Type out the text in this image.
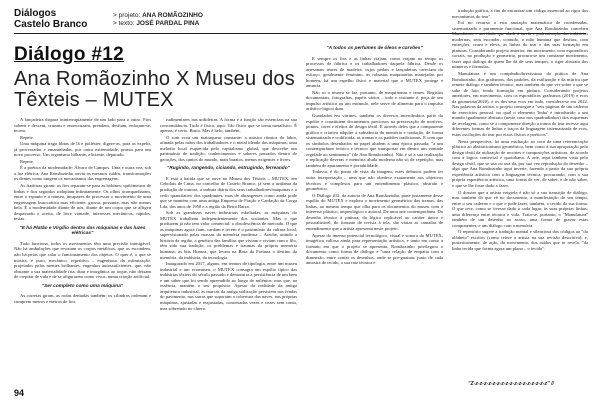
Diálogos
Castelo Branco
> projeto: ANA ROMÃOZINHO
> texto: JOSÉ PARDAL PINA
Diálogo #12
Ana Romãozinho X Museu dos Têxteis – MUTEX

A lançadeira dispara ininterruptamente de um lado para o outro. Fios sobem e descem, cruzam e entrecruzam, prendem, desfiam, enlaçam-se, tecem.

Repete.

Uma máquina traga fibras de lã e poliéster, digere-as, para as expelir, já processadas e emaranhadas, por outra extremidade, pronta para um novo processo. Um organismo bilhante, eficiente, depurado.

Repete.

É a poética da modernidade: Álvaro de Campos. Uma e outra vez, sob a luz elétrica, Ana Romãozinho ouviu os mesmos ruídos, transformações os dentes como rangem os mecanismos das engrenagens.

As fiadeiras giram; os fios reparam-se para as bobines; quilómetros de linhas e fios seguidos rodopiam infinitamente. Os olhos acompanharam, entre o espanto e a náusea, incapazes de processar o movimento de uma engrenagem burocrática mas eficiente, grossa, possante, mas não menos bela. É a modernidade diante de nós, diante de um corpo que se afligeu despassado e aceita, de livre vontade, interesses mecânicos, rápidos, testas.

"E há Platão e Virgílio dentro das máquinas e das luzes elétricas"

Tudo funciona, todos os movimentos têm uma precisão inimigável. Não há ambulações que revistam os corpos metálicos, que os escondem, não há peias que calar o funcionamento dos objetos. O quer é, o que se mostra, é puro, mecânico, repetitivo – engenhoso da ostimização, projetados pelas mentes brilhantes, engenhos autossuficientes, que, não obstante a sua materialidade fria, dura e inorgânica ao toque, não deixam de crepitar de vida e de se afigurarem como vivos, numa criação artificial.

"Ser completo como uma máquina"

As correias giram, as rodas dentadas também; os cilindros ordenam e cumprem metros e metros de fios

rudimentares nas urdideiras. A forma e a função são essenciais na sua concomitância. Tudo é físico, aqui. Tão físico que se torna metafísico. É apenas, é certo. Bruto. Mas é belo, também.

O som ecoa um matraquear constante: a música rítmica do labor, afinada pelas mãos dos trabalhadores e o metal ideado das máquinas; uma melodia local esquecida pelo capitalismo global, que descrebe um património de tradição, conhecimentos e saberes passados dentro de gerações, dos cantos do mundo, mais baratos, menos exigentes e livres.

"Rugindo, rangendo, ciciando, estrugindo, ferreando"

E está a batida que se ouve no Museu dos Têxteis – MUTEX, em Cebolais de Cima, no concelho de Castelo Branco, já sem a azáfama da produção de outrora, a tarbuta diária dos seus trabalhadores/máquinas e o cedo quantitativo dos quadrantes, mas de abrangentes como ainda pode que se mantém com uma antiga Empresa de Fiação e Cardação da Corga Lda, dos anos de 1950 e a região da Beira Baixa.

Sob as grandezas naves industriais esbeltadas, as máquinas do MUTEX trabalham independentemente dos visitantes. Mas o que produzem já não tem valor comercial: a obsolescência de mercado. O que as máquinas agora fiam, cardam e tecem é o património da cultura local, supervisionado pelas massas da memória moderna – Arache, unindo a história da região, a genética das famílias que viviam e viviam com o filo, têm sido sua tradição, os problemas e traumas da própria memória humana; as bits Homoa, que levam na Rota da Fortuna o destino da memória, da indústria, da tecnologia.

Inaugurado em 2017, alguns, em termos de tipologia, entre um museu industrial e um ecomuseu, o MUTEX consagra um espólio típico das indústrias têxteis do século passado e demonstra a persistência de um bem e um saber que foi sendo apreendido ao longo de milénios; mas que, na essência, mantém o seu propósito. Apesar da realidade da antiga arquitetura industrial, as marcas da antiga utilização persistem nas fendas do pavimento, nas sarras que suportam a cobertura das naves, nas próprias máquinas, ajustadas e reajustadas, consertadas vezes e vezes sem conta, mas sobretudo no chiero.

"A todos os perfumes de óleos e carvões"

E sempre os fios e as linhas viajam, como viajam no tempo os processos de fábrica e os trabalhadores daquela fábrica. Desde os artesanais teares de madeira, cujos pedais e lançadeiras careciam do esforço, geralmente feminino, às robustas maquinarias manejadas por homens, há um espelho físico e material que o MUTEX protege e anuncia.

Não só o museu se faz, portanto, de maquinarias e teares. Registos documentais, fotografias, papéis vários – todo o visitante é, peça de um impulso artístico ou um estímulo, nele serve de alimento para o impulso artístico-lógico dum.

Guardados em vitrines, também os diversos intercâmbios parte do espólio e constituem documentos preciosos na preservação de motivos, pontos, cores e efeitos do design têxtil. E através deles que a componente gráfica e criativa adquire a substância da memória e tradução, de forma sistematizada e codificada, as tramas e os padrões tradicionais. E com que os símbolos desenhados no papel aludem a uma época passada, "a um contemporâneo teórico e técnico que transportar em dentro um vontade regidade ao sentimento" (de Ana Romãozinho). Não é só a sua realização e replicação deveras e memória aluda moderna não só de repetição, mas também de apuramento e portabilidade.

Todavia, é do ponto de vista da imagem, estes debuxos podem ter outra interpretação – uma que não obedece exatamente aos objetivos técnicos e complexos para um entendimento plástico, abstrato e geométrico.

O Diálogo #12, da autoria de Ana Romãozinho, parte justamente desse espólio do MUTEX e explora o movimento geométrico das tramas, das linhas, ao mesmo tempo que olha para os documentos do museu com o interesse plástico, arqueológico e autoral. De uma arte contemporânea. Do desenho técnico à pintura, da lógica replicável ao caráter único e pessoalizável, do formato de revista à tela, são várias as camadas de entendimento que a artista apresenta neste projeto.

Apesar do imenso potencial tecnológico, visual e sonoro do MUTEX, imagética valiosa ainda para representação artística, e tanto em conto a formato em que o projeto se apresenta, Romãozinho privilegiou o documento como forma de diálogo e "uma relação de empatia com a dimensão, entre contar os desenhos, onde se pre-guatuar, junto de cada amostra de tecido, a sua raiz técnica e

tradução gráfica, a fim de encontrar um código essencial ao rigor dos mecanismos do tear".

Foi no recurso a esta anotação matemática de coordenadas, sistematizada e puramente funcional, que Ana Romãozinho concebeu Manufatura – um título que alude à tarefa e padronização das indústrias modernas, sem esconder, contudo, a mão humana que desfiou, com entreções, cruza e eleva, as linhas do tear e das suas formação em pinturas. Considerando projeto anterior, em movimento, com esporadicos corrais, na produção e geometria, procura-se um constante movimento, fazer aqui diálogo de quem lhe dá de seus tempos, o rigor abstrato dos números e fórmulas.

Manufatura é um compêndio/brevíssimo da prática de Ana Romãozinho, dos grafismos, dos padrões, da estilização e da mitrica que remete diálogo e também técnico, mas também do que ver sobre o que se sabe de fato, tendo formação em pintura. Considerando projetos anteriores, em movimento, com os esporádicos grafismos (2019) e ecos da geometria(2020), e os dos seus ecos em tudo, considera-se em 2022. Nas palavras da artista, o projeto consegue a "seis páginas de um caderno de exercícios pessoal, no qual o elemento 'linha' é introduzido a um mundo igualmente abstrato (neste caso nos quadradinhos) dos esquemas de tecelagem, como se a componente direção a trama do tear tecesse aqui diferentes formas de linhas e traços da linguagem sistematizada de ecos, estas oscilações do tear por eixos físicos e poéticos".

Nesta perspectiva, há uma exultação ao coin de uma referenciação plástica ao abstracionismo geométrico, bem como à sua apropriação pelo design têxtil da utilização de recortes e composições artísticas, de acordo com a lógica comercial e quotidiana. A arte, aqui também vista pelo design têxtil, que se usa ou usa da, por sua vez reprodução do desenho – algo que Ana Romãozinho aqui inverte, fazendo a partir da sua própria experiência artística com a linguagem técnica, procurando, com a sua própria experiência artística, uma forma de ver, de saber, e de não saber, o que se lhe fosse dado a fazer.

O dossier que a artista veigrela é não só a sua transição de diálogo, mas também do que vê no documento, a manifestação do seu tempo, entre o seu caderno e o que o pode fazer, também, o tecido da sua forma. O que tece, como se tivesse dado a cada lugar, às suas próprias linhas; uma diferença entre técnica e vida. Trata-se, portanto, o "Manufatura" também de um desenho ao acaso, uma forma de gravar estas componentes, e um diálogo com a memória.

O repertório sugere a tradução mental e silenciosa dos códigos ao "do alfabeto" escritos (como refere a artista na sua revisão descritiva), e, posteriormente, de ação, do movimento, dos ruídos que se revela, "da linha tecida que forma agora um plano – o tecido".

"Z-z-z-z-z-z-z-z-z-z-z-z-z-z-z-z-z-z" //
94
